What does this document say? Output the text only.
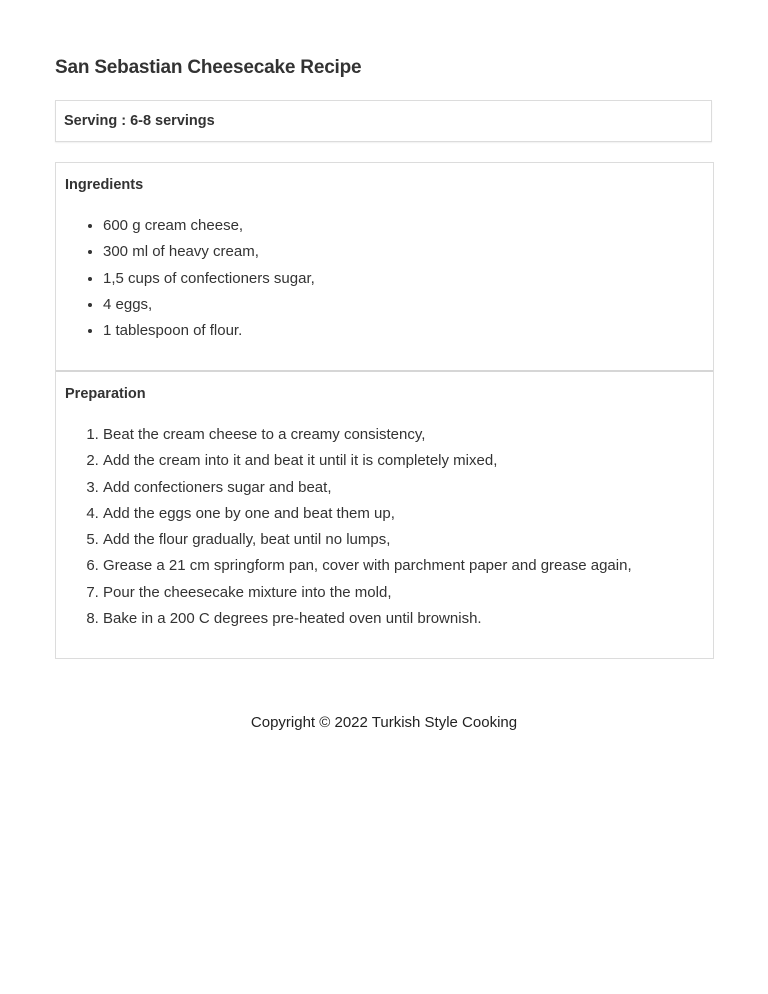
San Sebastian Cheesecake Recipe
Serving : 6-8 servings
Ingredients
• 600 g cream cheese,
• 300 ml of heavy cream,
• 1,5 cups of confectioners sugar,
• 4 eggs,
• 1 tablespoon of flour.
Preparation
1. Beat the cream cheese to a creamy consistency,
2. Add the cream into it and beat it until it is completely mixed,
3. Add confectioners sugar and beat,
4. Add the eggs one by one and beat them up,
5. Add the flour gradually, beat until no lumps,
6. Grease a 21 cm springform pan, cover with parchment paper and grease again,
7. Pour the cheesecake mixture into the mold,
8. Bake in a 200 C degrees pre-heated oven until brownish.
Copyright © 2022 Turkish Style Cooking
